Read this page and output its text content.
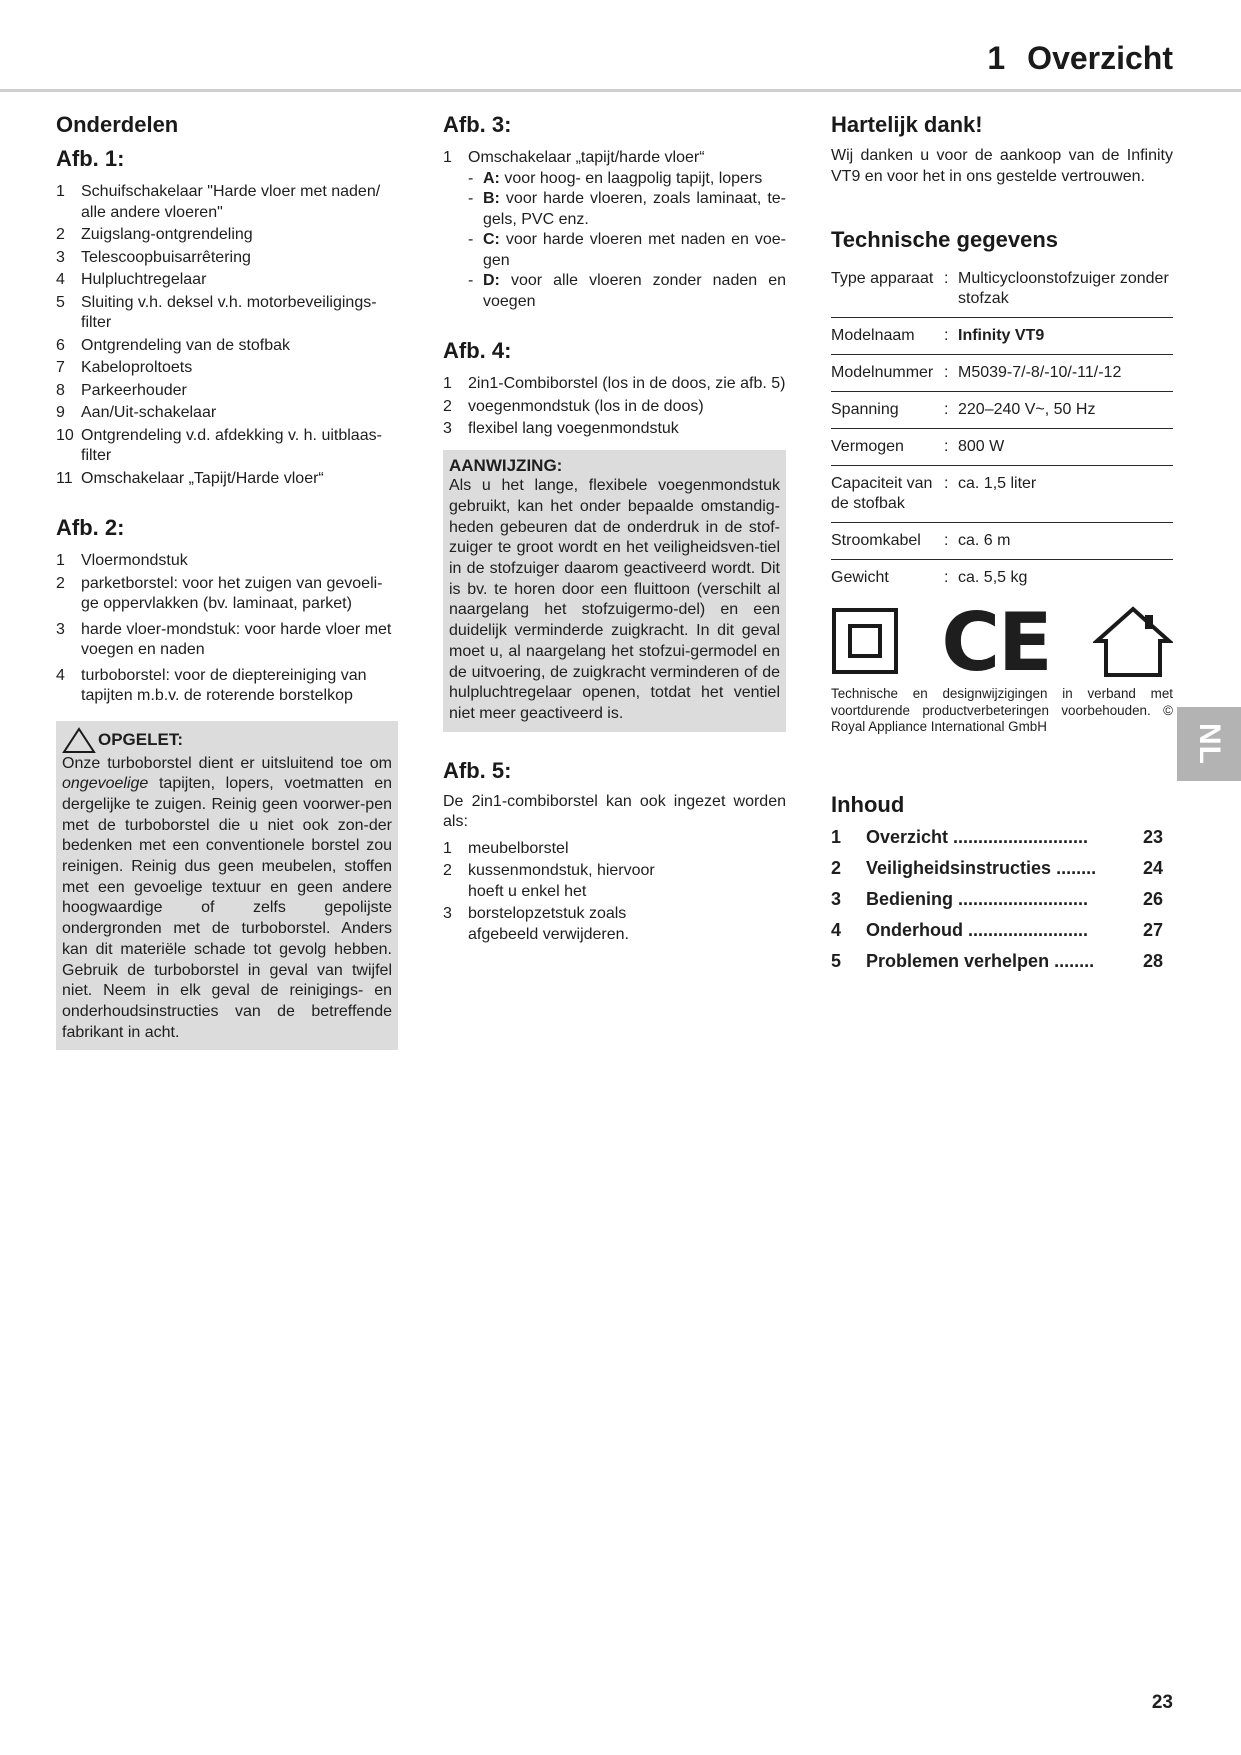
1 Overzicht
Onderdelen
Afb. 1:
1	Schuifschakelaar "Harde vloer met naden/ alle andere vloeren"
2	Zuigslang-ontgrendeling
3	Telescoopbuisarrêtering
4	Hulpluchtregelaar
5	Sluiting v.h. deksel v.h. motorbeveiligings-filter
6	Ontgrendeling van de stofbak
7	Kabeloproltoets
8	Parkeerhouder
9	Aan/Uit-schakelaar
10 Ontgrendeling v.d. afdekking v. h. uitblaas-filter
11 Omschakelaar „Tapijt/Harde vloer“
Afb. 2:
1	Vloermondstuk
2	parketborstel: voor het zuigen van gevoeli-ge oppervlakken (bv. laminaat, parket)
3	harde vloer-mondstuk: voor harde vloer met voegen en naden
4	turboborstel: voor de dieptereiniging van tapijten m.b.v. de roterende borstelkop
OPGELET:
Onze turboborstel dient er uitsluitend toe om ongevoelige tapijten, lopers, voetmatten en dergelijke te zuigen. Reinig geen voorwer-pen met de turboborstel die u niet ook zon-der bedenken met een conventionele borstel zou reinigen. Reinig dus geen meubelen, stoffen met een gevoelige textuur en geen andere hoogwaardige of zelfs gepolijste ondergronden met de turboborstel. Anders kan dit materiële schade tot gevolg hebben. Gebruik de turboborstel in geval van twijfel niet. Neem in elk geval de reinigings- en onderhoudsinstructies van de betreffende fabrikant in acht.
Afb. 3:
1	Omschakelaar „tapijt/harde vloer“
- A: voor hoog- en laagpolig tapijt, lopers
- B: voor harde vloeren, zoals laminaat, te-gels, PVC enz.
- C: voor harde vloeren met naden en voe-gen
- D: voor alle vloeren zonder naden en voegen
Afb. 4:
1	2in1-Combiborstel (los in de doos, zie afb. 5)
2	voegenmondstuk (los in de doos)
3	flexibel lang voegenmondstuk
AANWIJZING:
Als u het lange, flexibele voegenmondstuk gebruikt, kan het onder bepaalde omstandig-heden gebeuren dat de onderdruk in de stof-zuiger te groot wordt en het veiligheidsven-tiel in de stofzuiger daarom geactiveerd wordt. Dit is bv. te horen door een fluittoon (verschilt al naargelang het stofzuigermo-del) en een duidelijk verminderde zuigkracht. In dit geval moet u, al naargelang het stofzui-germodel en de uitvoering, de zuigkracht verminderen of de hulpluchtregelaar openen, totdat het ventiel niet meer geactiveerd is.
Afb. 5:

De 2in1-combiborstel kan ook ingezet worden als:

1	meubelborstel
2	kussenmondstuk, hiervoor hoeft u enkel het
3	borstelopzetstuk zoals afgebeeld verwijderen.
Hartelijk dank!

Wij danken u voor de aankoop van de Infinity VT9 en voor het in ons gestelde vertrouwen.

Technische gegevens
Type apparaat	:	Multicycloonstofzuiger zonder stofzak
Modelnaam	:	Infinity VT9
Modelnummer	:	M5039-7/-8/-10/-11/-12
Spanning	:	220–240 V~, 50 Hz
Vermogen	:	800 W
Capaciteit van de stofbak	:	ca. 1,5 liter
Stroomkabel	:	ca. 6 m
Gewicht	:	ca. 5,5 kg
CE
Technische en designwijzigingen in verband met voortdurende productverbeteringen voorbehouden. © Royal Appliance International GmbH
Inhoud
1	Overzicht ...........................	23
2	Veiligheidsinstructies ........	24
3	Bediening ..........................	26
4	Onderhoud ........................	27
5	Problemen verhelpen ........	28
NL

23
